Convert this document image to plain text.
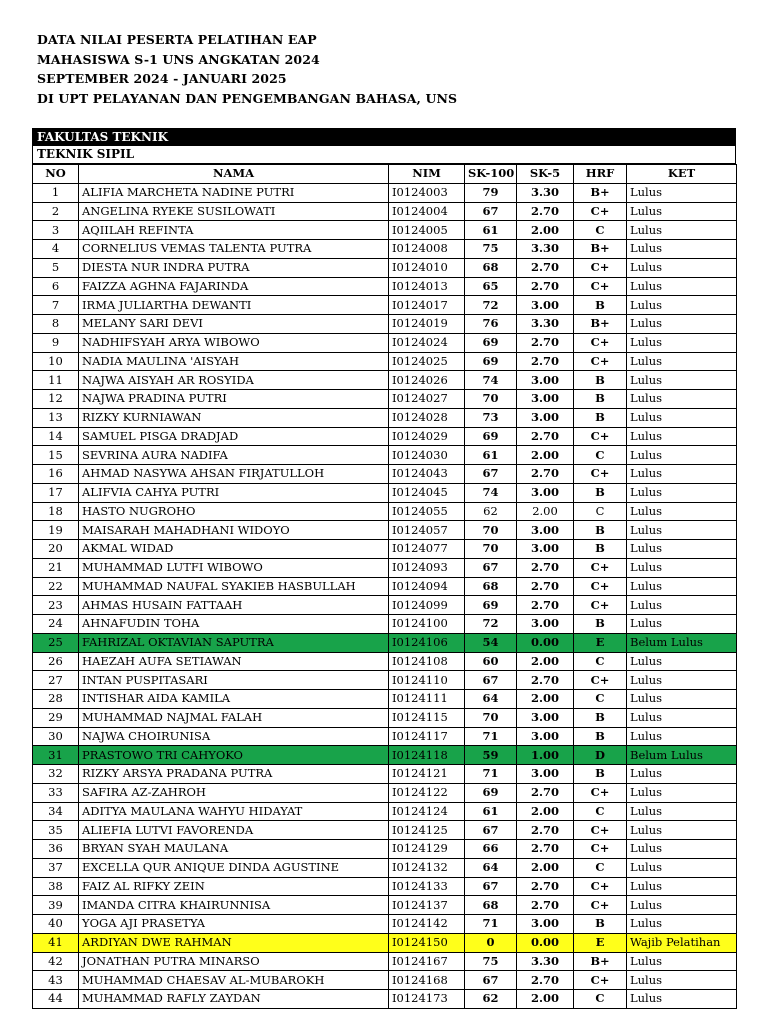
DATA NILAI PESERTA PELATIHAN EAP
MAHASISWA S-1 UNS ANGKATAN 2024
SEPTEMBER 2024 - JANUARI 2025
DI UPT PELAYANAN DAN PENGEMBANGAN BAHASA, UNS
FAKULTAS TEKNIK
TEKNIK SIPIL
NO	NAMA	NIM	SK-100	SK-5	HRF	KET
1	ALIFIA MARCHETA NADINE PUTRI	I0124003	79	3.30	B+	Lulus
2	ANGELINA RYEKE SUSILOWATI	I0124004	67	2.70	C+	Lulus
3	AQIILAH REFINTA	I0124005	61	2.00	C	Lulus
4	CORNELIUS VEMAS TALENTA PUTRA	I0124008	75	3.30	B+	Lulus
5	DIESTA NUR INDRA PUTRA	I0124010	68	2.70	C+	Lulus
6	FAIZZA AGHNA FAJARINDA	I0124013	65	2.70	C+	Lulus
7	IRMA JULIARTHA DEWANTI	I0124017	72	3.00	B	Lulus
8	MELANY SARI DEVI	I0124019	76	3.30	B+	Lulus
9	NADHIFSYAH ARYA WIBOWO	I0124024	69	2.70	C+	Lulus
10	NADIA MAULINA 'AISYAH	I0124025	69	2.70	C+	Lulus
11	NAJWA AISYAH AR ROSYIDA	I0124026	74	3.00	B	Lulus
12	NAJWA PRADINA PUTRI	I0124027	70	3.00	B	Lulus
13	RIZKY KURNIAWAN	I0124028	73	3.00	B	Lulus
14	SAMUEL PISGA DRADJAD	I0124029	69	2.70	C+	Lulus
15	SEVRINA AURA NADIFA	I0124030	61	2.00	C	Lulus
16	AHMAD NASYWA AHSAN FIRJATULLOH	I0124043	67	2.70	C+	Lulus
17	ALIFVIA CAHYA PUTRI	I0124045	74	3.00	B	Lulus
18	HASTO NUGROHO	I0124055	62	2.00	C	Lulus
19	MAISARAH MAHADHANI WIDOYO	I0124057	70	3.00	B	Lulus
20	AKMAL WIDAD	I0124077	70	3.00	B	Lulus
21	MUHAMMAD LUTFI WIBOWO	I0124093	67	2.70	C+	Lulus
22	MUHAMMAD NAUFAL SYAKIEB HASBULLAH	I0124094	68	2.70	C+	Lulus
23	AHMAS HUSAIN FATTAAH	I0124099	69	2.70	C+	Lulus
24	AHNAFUDIN TOHA	I0124100	72	3.00	B	Lulus
25	FAHRIZAL OKTAVIAN SAPUTRA	I0124106	54	0.00	E	Belum Lulus
26	HAEZAH AUFA SETIAWAN	I0124108	60	2.00	C	Lulus
27	INTAN PUSPITASARI	I0124110	67	2.70	C+	Lulus
28	INTISHAR AIDA KAMILA	I0124111	64	2.00	C	Lulus
29	MUHAMMAD NAJMAL FALAH	I0124115	70	3.00	B	Lulus
30	NAJWA CHOIRUNISA	I0124117	71	3.00	B	Lulus
31	PRASTOWO TRI CAHYOKO	I0124118	59	1.00	D	Belum Lulus
32	RIZKY ARSYA PRADANA PUTRA	I0124121	71	3.00	B	Lulus
33	SAFIRA AZ-ZAHROH	I0124122	69	2.70	C+	Lulus
34	ADITYA MAULANA WAHYU HIDAYAT	I0124124	61	2.00	C	Lulus
35	ALIEFIA LUTVI FAVORENDA	I0124125	67	2.70	C+	Lulus
36	BRYAN SYAH MAULANA	I0124129	66	2.70	C+	Lulus
37	EXCELLA QUR ANIQUE DINDA AGUSTINE	I0124132	64	2.00	C	Lulus
38	FAIZ AL RIFKY ZEIN	I0124133	67	2.70	C+	Lulus
39	IMANDA CITRA KHAIRUNNISA	I0124137	68	2.70	C+	Lulus
40	YOGA AJI PRASETYA	I0124142	71	3.00	B	Lulus
41	ARDIYAN DWE RAHMAN	I0124150	0	0.00	E	Wajib Pelatihan
42	JONATHAN PUTRA MINARSO	I0124167	75	3.30	B+	Lulus
43	MUHAMMAD CHAESAV AL-MUBAROKH	I0124168	67	2.70	C+	Lulus
44	MUHAMMAD RAFLY ZAYDAN	I0124173	62	2.00	C	Lulus
